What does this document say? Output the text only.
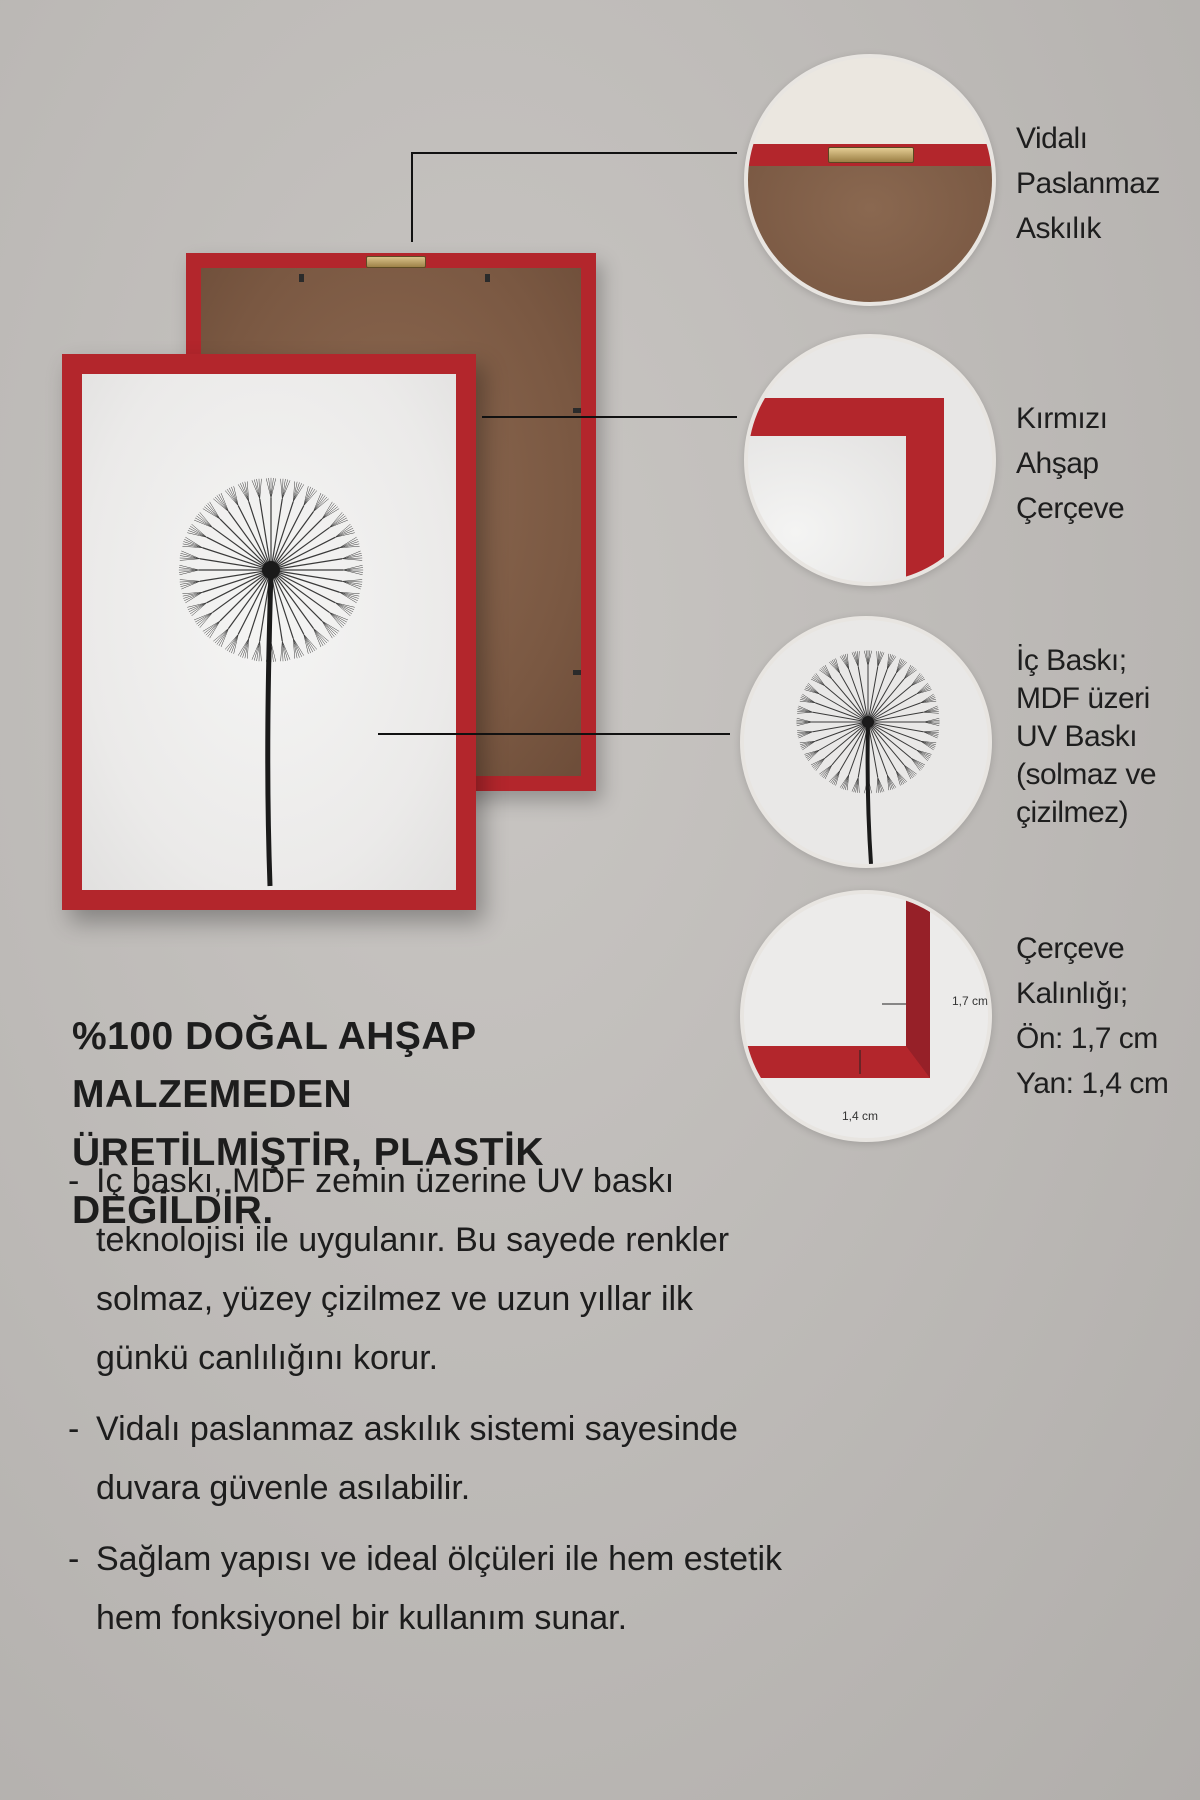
1,7 cm
1,4 cm
Vidalı
Paslanmaz
Askılık
Kırmızı
Ahşap
Çerçeve
İç Baskı;
MDF üzeri
UV Baskı
(solmaz ve
çizilmez)
Çerçeve
Kalınlığı;
Ön: 1,7 cm
Yan: 1,4 cm
%100 DOĞAL AHŞAP MALZEMEDEN
ÜRETİLMİŞTİR, PLASTİK DEĞİLDİR.
- İç baskı, MDF zemin üzerine UV baskı teknolojisi ile uygulanır. Bu sayede renkler solmaz, yüzey çizilmez ve uzun yıllar ilk günkü canlılığını korur.
- Vidalı paslanmaz askılık sistemi sayesinde duvara güvenle asılabilir.
- Sağlam yapısı ve ideal ölçüleri ile hem estetik hem fonksiyonel bir kullanım sunar.
